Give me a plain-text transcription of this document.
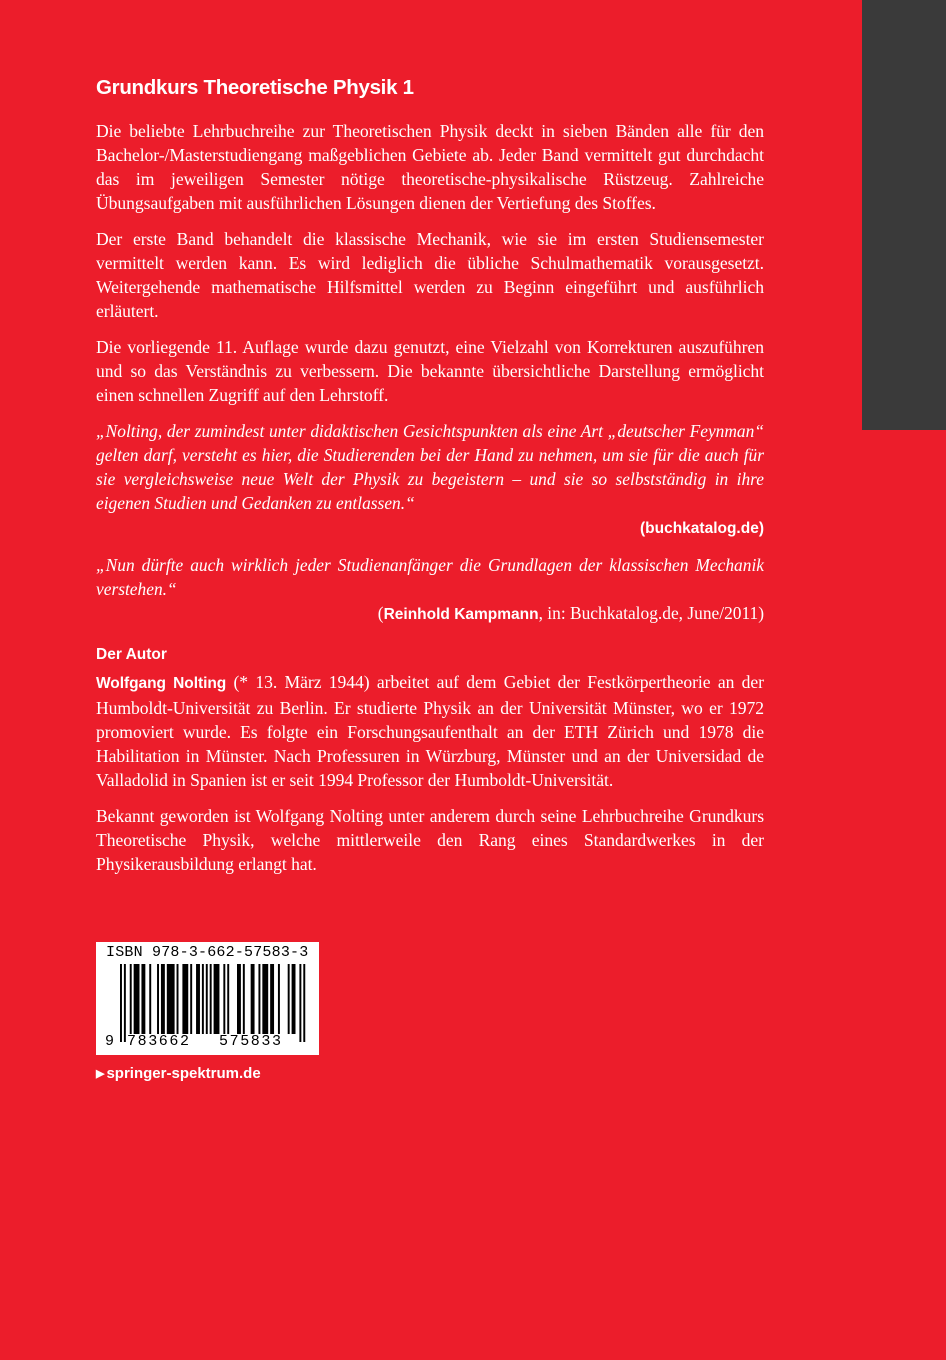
Grundkurs Theoretische Physik 1

Die beliebte Lehrbuchreihe zur Theoretischen Physik deckt in sieben Bänden alle für den Bachelor-/Masterstudiengang maßgeblichen Gebiete ab. Jeder Band vermittelt gut durchdacht das im jeweiligen Semester nötige theoretische-physikalische Rüstzeug. Zahlreiche Übungsaufgaben mit ausführlichen Lösungen dienen der Vertiefung des Stoffes.

Der erste Band behandelt die klassische Mechanik, wie sie im ersten Studiensemester vermittelt werden kann. Es wird lediglich die übliche Schulmathematik vorausgesetzt. Weitergehende mathematische Hilfsmittel werden zu Beginn eingeführt und ausführlich erläutert.

Die vorliegende 11. Auflage wurde dazu genutzt, eine Vielzahl von Korrekturen auszuführen und so das Verständnis zu verbessern. Die bekannte übersichtliche Darstellung ermöglicht einen schnellen Zugriff auf den Lehrstoff.

„Nolting, der zumindest unter didaktischen Gesichtspunkten als eine Art „deutscher Feynman“ gelten darf, versteht es hier, die Studierenden bei der Hand zu nehmen, um sie für die auch für sie vergleichsweise neue Welt der Physik zu begeistern – und sie so selbstständig in ihre eigenen Studien und Gedanken zu entlassen.“

(buchkatalog.de)

„Nun dürfte auch wirklich jeder Studienanfänger die Grundlagen der klassischen Mechanik verstehen.“

(Reinhold Kampmann, in: Buchkatalog.de, June/2011)

Der Autor

Wolfgang Nolting (* 13. März 1944) arbeitet auf dem Gebiet der Festkörpertheorie an der Humboldt-Universität zu Berlin. Er studierte Physik an der Universität Münster, wo er 1972 promoviert wurde. Es folgte ein Forschungsaufenthalt an der ETH Zürich und 1978 die Habilitation in Münster. Nach Professuren in Würzburg, Münster und an der Universidad de Valladolid in Spanien ist er seit 1994 Professor der Humboldt-Universität.

Bekannt geworden ist Wolfgang Nolting unter anderem durch seine Lehrbuchreihe Grundkurs Theoretische Physik, welche mittlerweile den Rang eines Standardwerkes in der Physikerausbildung erlangt hat.

ISBN 978-3-662-57583-3
9 783662 575833
▶ springer-spektrum.de
